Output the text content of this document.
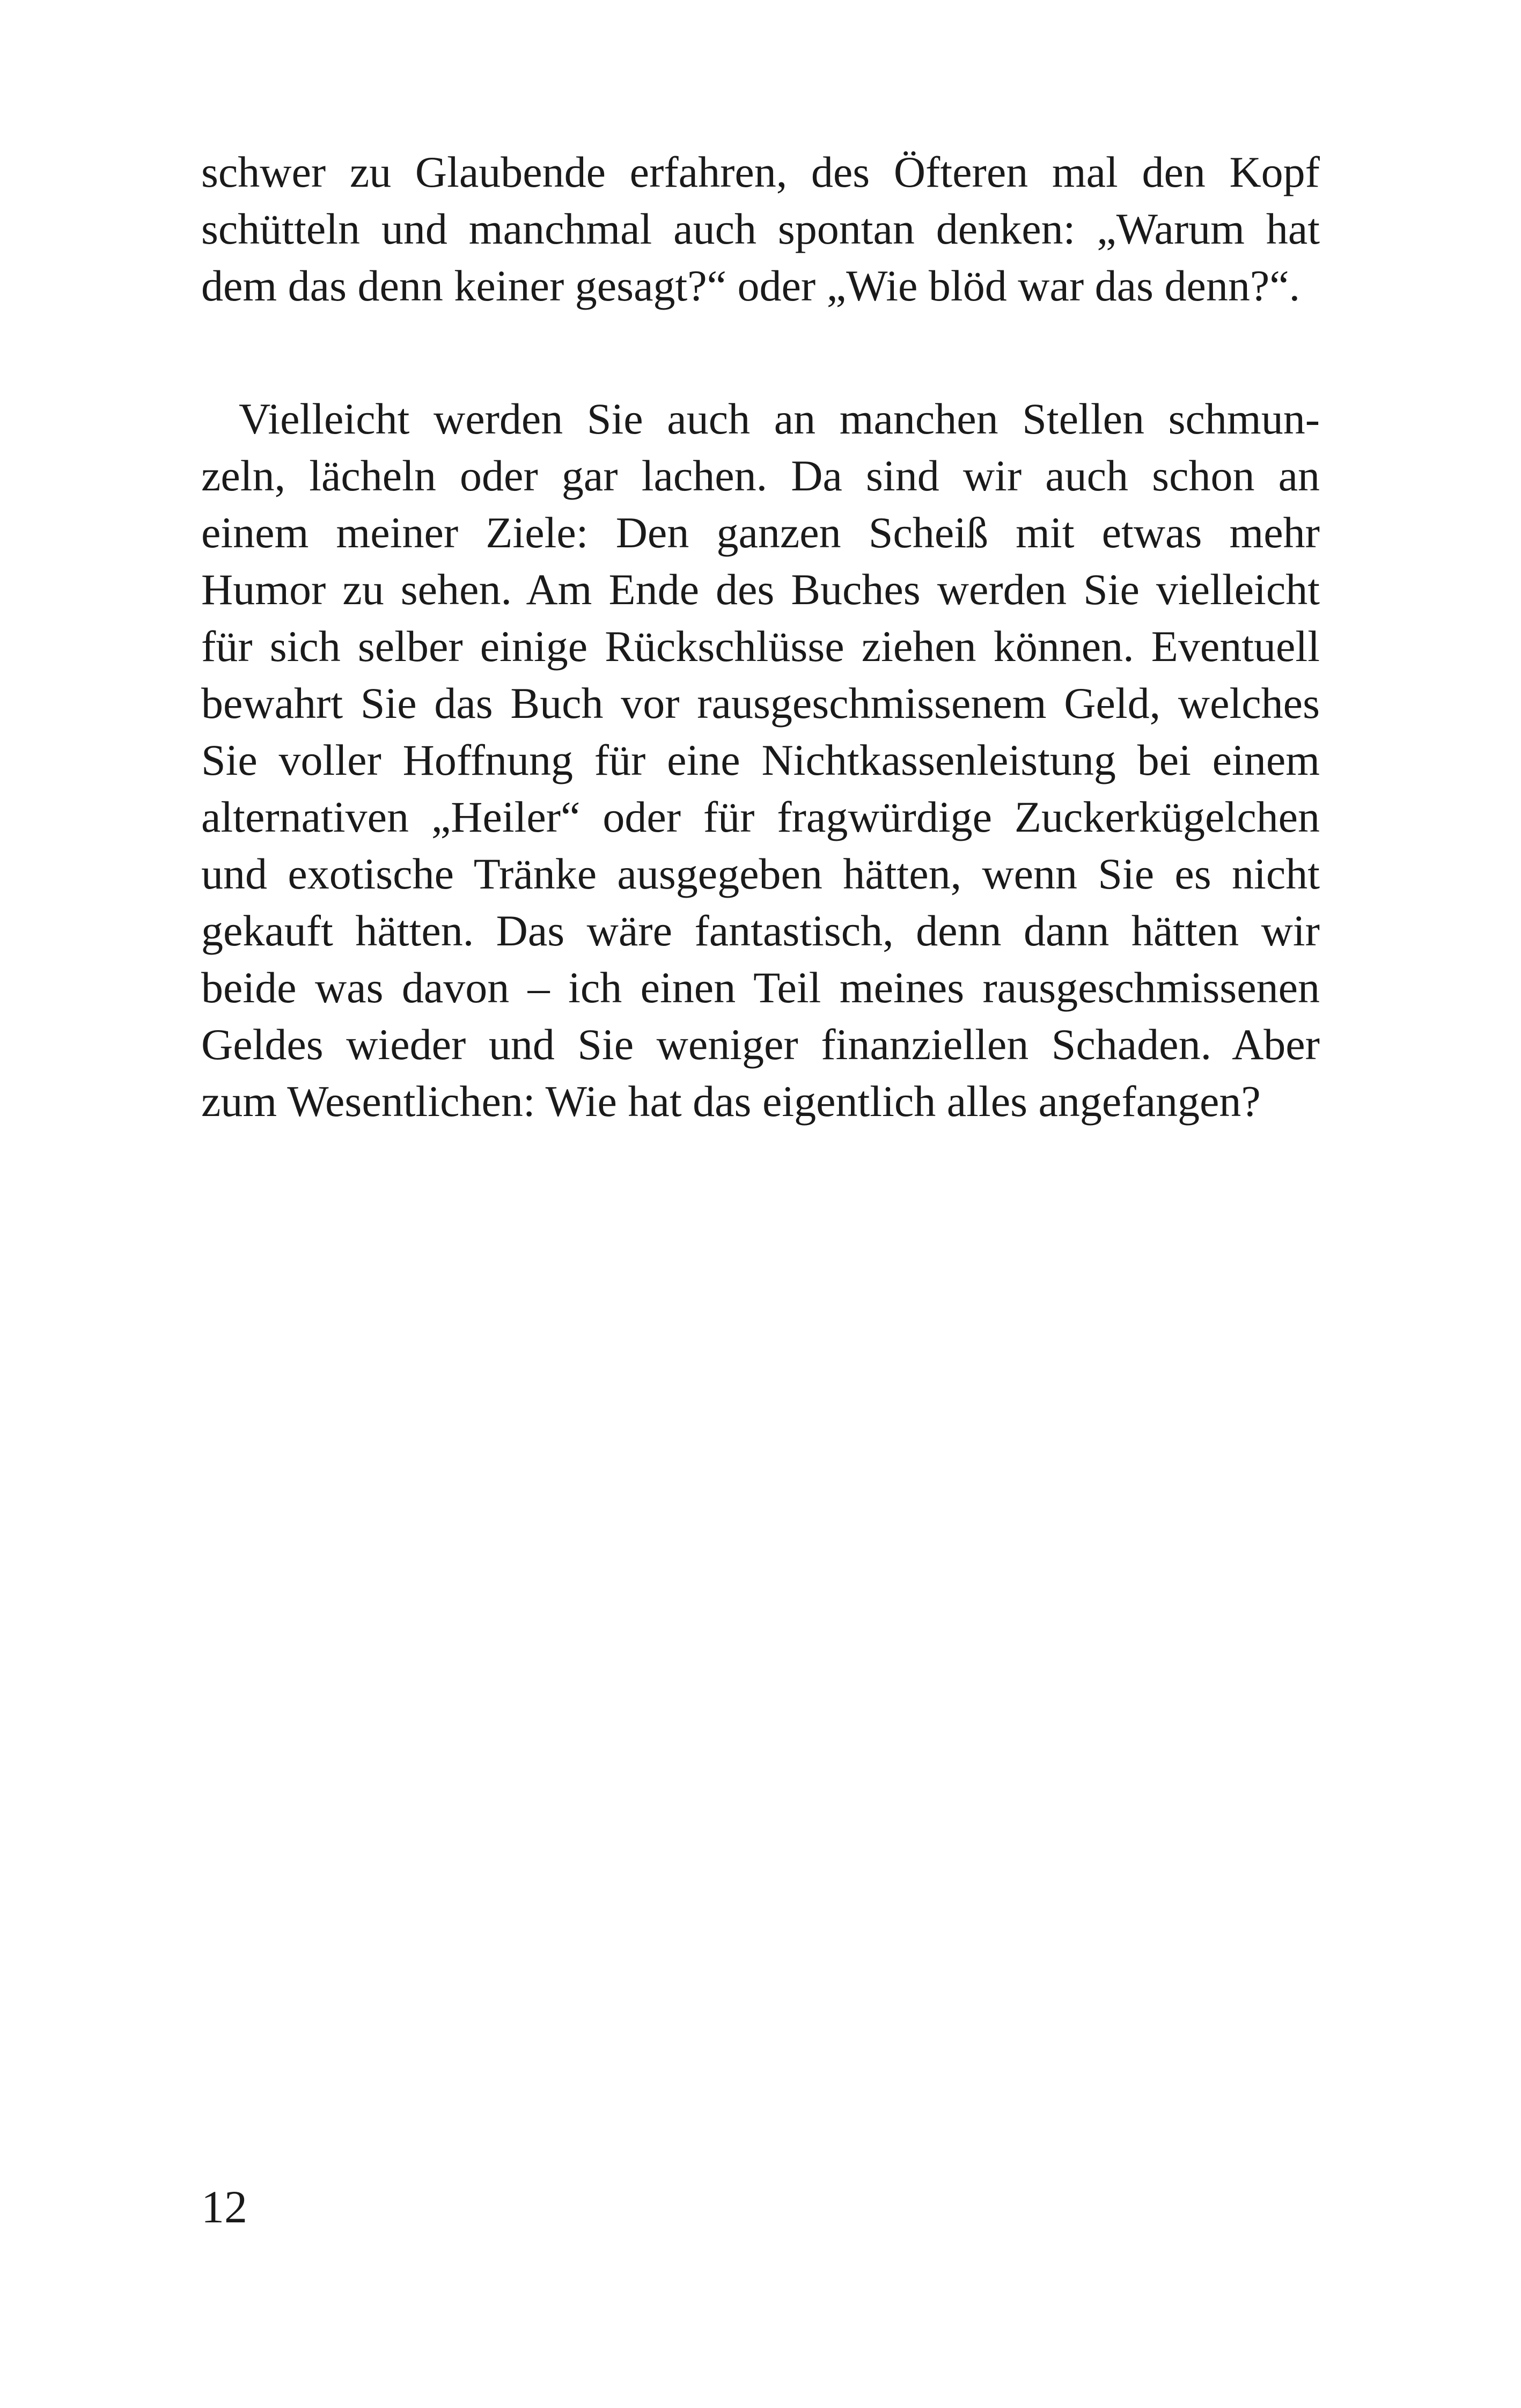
schwer zu Glaubende erfahren, des Öfteren mal den Kopf
schütteln und manchmal auch spontan denken: „Warum hat
dem das denn keiner gesagt?“ oder „Wie blöd war das denn?“.
Vielleicht werden Sie auch an manchen Stellen schmun-
zeln, lächeln oder gar lachen. Da sind wir auch schon an
einem meiner Ziele: Den ganzen Scheiß mit etwas mehr
Humor zu sehen. Am Ende des Buches werden Sie vielleicht
für sich selber einige Rückschlüsse ziehen können. Eventuell
bewahrt Sie das Buch vor rausgeschmissenem Geld, welches
Sie voller Hoffnung für eine Nichtkassenleistung bei einem
alternativen „Heiler“ oder für fragwürdige Zuckerkügelchen
und exotische Tränke ausgegeben hätten, wenn Sie es nicht
gekauft hätten. Das wäre fantastisch, denn dann hätten wir
beide was davon – ich einen Teil meines rausgeschmissenen
Geldes wieder und Sie weniger finanziellen Schaden. Aber
zum Wesentlichen: Wie hat das eigentlich alles angefangen?
12
